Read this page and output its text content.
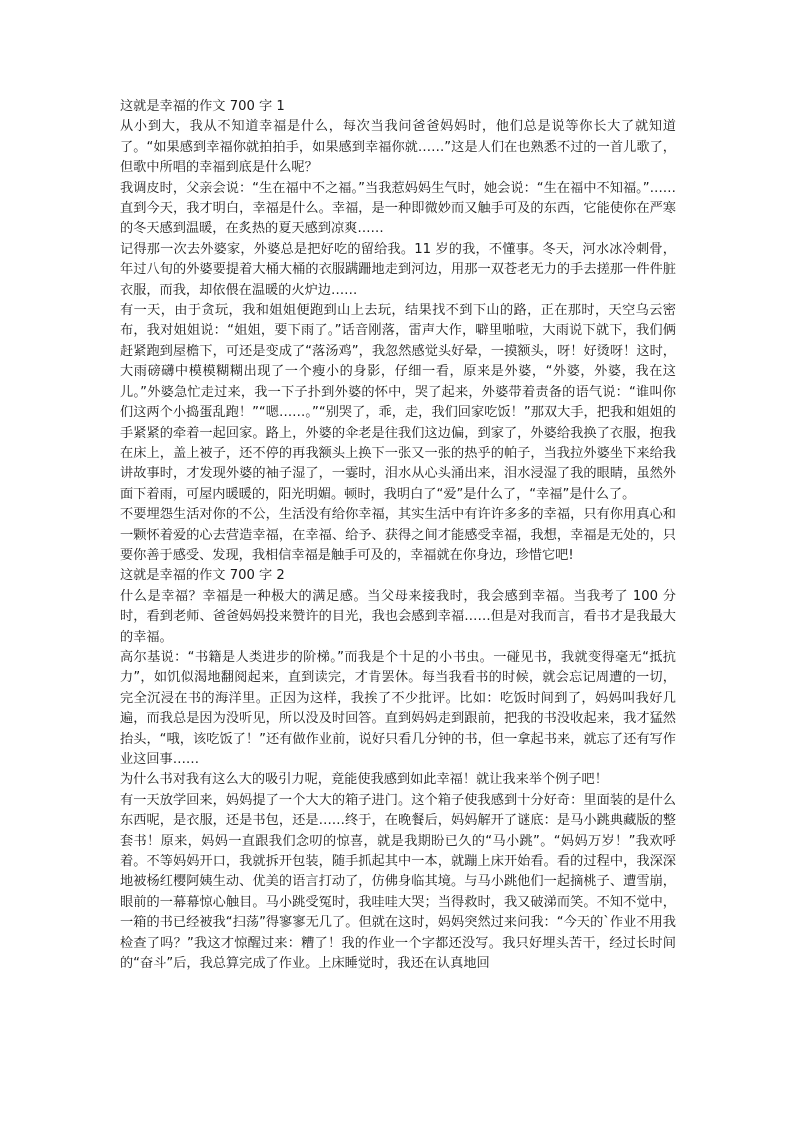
这就是幸福的作文 700 字 1

从小到大，我从不知道幸福是什么，每次当我问爸爸妈妈时，他们总是说等你长大了就知道了。“如果感到幸福你就拍拍手，如果感到幸福你就……”这是人们在也熟悉不过的一首儿歌了，但歌中所唱的幸福到底是什么呢？

我调皮时，父亲会说：“生在福中不之福。”当我惹妈妈生气时，她会说：“生在福中不知福。”……直到今天，我才明白，幸福是什么。幸福，是一种即微妙而又触手可及的东西，它能使你在严寒的冬天感到温暖，在炙热的夏天感到凉爽……

记得那一次去外婆家，外婆总是把好吃的留给我。11 岁的我，不懂事。冬天，河水冰冷刺骨，年过八旬的外婆要提着大桶大桶的衣服蹒跚地走到河边，用那一双苍老无力的手去搓那一件件脏衣服，而我，却依偎在温暖的火炉边……

有一天，由于贪玩，我和姐姐便跑到山上去玩，结果找不到下山的路，正在那时，天空乌云密布，我对姐姐说：“姐姐，要下雨了。”话音刚落，雷声大作，噼里啪啦，大雨说下就下，我们俩赶紧跑到屋檐下，可还是变成了“落汤鸡”，我忽然感觉头好晕，一摸额头，呀！好烫呀！这时，大雨磅礴中模模糊糊出现了一个瘦小的身影，仔细一看，原来是外婆，“外婆，外婆，我在这儿。”外婆急忙走过来，我一下子扑到外婆的怀中，哭了起来，外婆带着责备的语气说：“谁叫你们这两个小捣蛋乱跑！”“嗯……。”“别哭了，乖，走，我们回家吃饭！”那双大手，把我和姐姐的手紧紧的牵着一起回家。路上，外婆的伞老是往我们这边偏，到家了，外婆给我换了衣服，抱我在床上，盖上被子，还不停的再我额头上换下一张又一张的热乎的帕子，当我拉外婆坐下来给我讲故事时，才发现外婆的袖子湿了，一霎时，泪水从心头涌出来，泪水浸湿了我的眼睛，虽然外面下着雨，可屋内暖暖的，阳光明媚。顿时，我明白了“爱”是什么了，“幸福”是什么了。

不要埋怨生活对你的不公，生活没有给你幸福，其实生活中有许许多多的幸福，只有你用真心和一颗怀着爱的心去营造幸福，在幸福、给予、获得之间才能感受幸福，我想，幸福是无处的，只要你善于感受、发现，我相信幸福是触手可及的，幸福就在你身边，珍惜它吧!

这就是幸福的作文 700 字 2

什么是幸福？幸福是一种极大的满足感。当父母来接我时，我会感到幸福。当我考了 100 分时，看到老师、爸爸妈妈投来赞许的目光，我也会感到幸福……但是对我而言，看书才是我最大的幸福。

高尔基说：“书籍是人类进步的阶梯。”而我是个十足的小书虫。一碰见书，我就变得毫无“抵抗力”，如饥似渴地翻阅起来，直到读完，才肯罢休。每当我看书的时候，就会忘记周遭的一切，完全沉浸在书的海洋里。正因为这样，我挨了不少批评。比如：吃饭时间到了，妈妈叫我好几遍，而我总是因为没听见，所以没及时回答。直到妈妈走到跟前，把我的书没收起来，我才猛然抬头，“哦，该吃饭了！”还有做作业前，说好只看几分钟的书，但一拿起书来，就忘了还有写作业这回事……

为什么书对我有这么大的吸引力呢，竟能使我感到如此幸福！就让我来举个例子吧！

有一天放学回来，妈妈提了一个大大的箱子进门。这个箱子使我感到十分好奇：里面装的是什么东西呢，是衣服，还是书包，还是……终于，在晚餐后，妈妈解开了谜底：是马小跳典藏版的整套书！原来，妈妈一直跟我们念叨的惊喜，就是我期盼已久的“马小跳”。“妈妈万岁！”我欢呼着。不等妈妈开口，我就拆开包装，随手抓起其中一本，就蹦上床开始看。看的过程中，我深深地被杨红樱阿姨生动、优美的语言打动了，仿佛身临其境。与马小跳他们一起摘桃子、遭雪崩，眼前的一幕幕惊心触目。马小跳受冤时，我哇哇大哭；当得救时，我又破涕而笑。不知不觉中，一箱的书已经被我“扫荡”得寥寥无几了。但就在这时，妈妈突然过来问我：“今天的`作业不用我检查了吗？”我这才惊醒过来：糟了！我的作业一个字都还没写。我只好埋头苦干，经过长时间的“奋斗”后，我总算完成了作业。上床睡觉时，我还在认真地回
